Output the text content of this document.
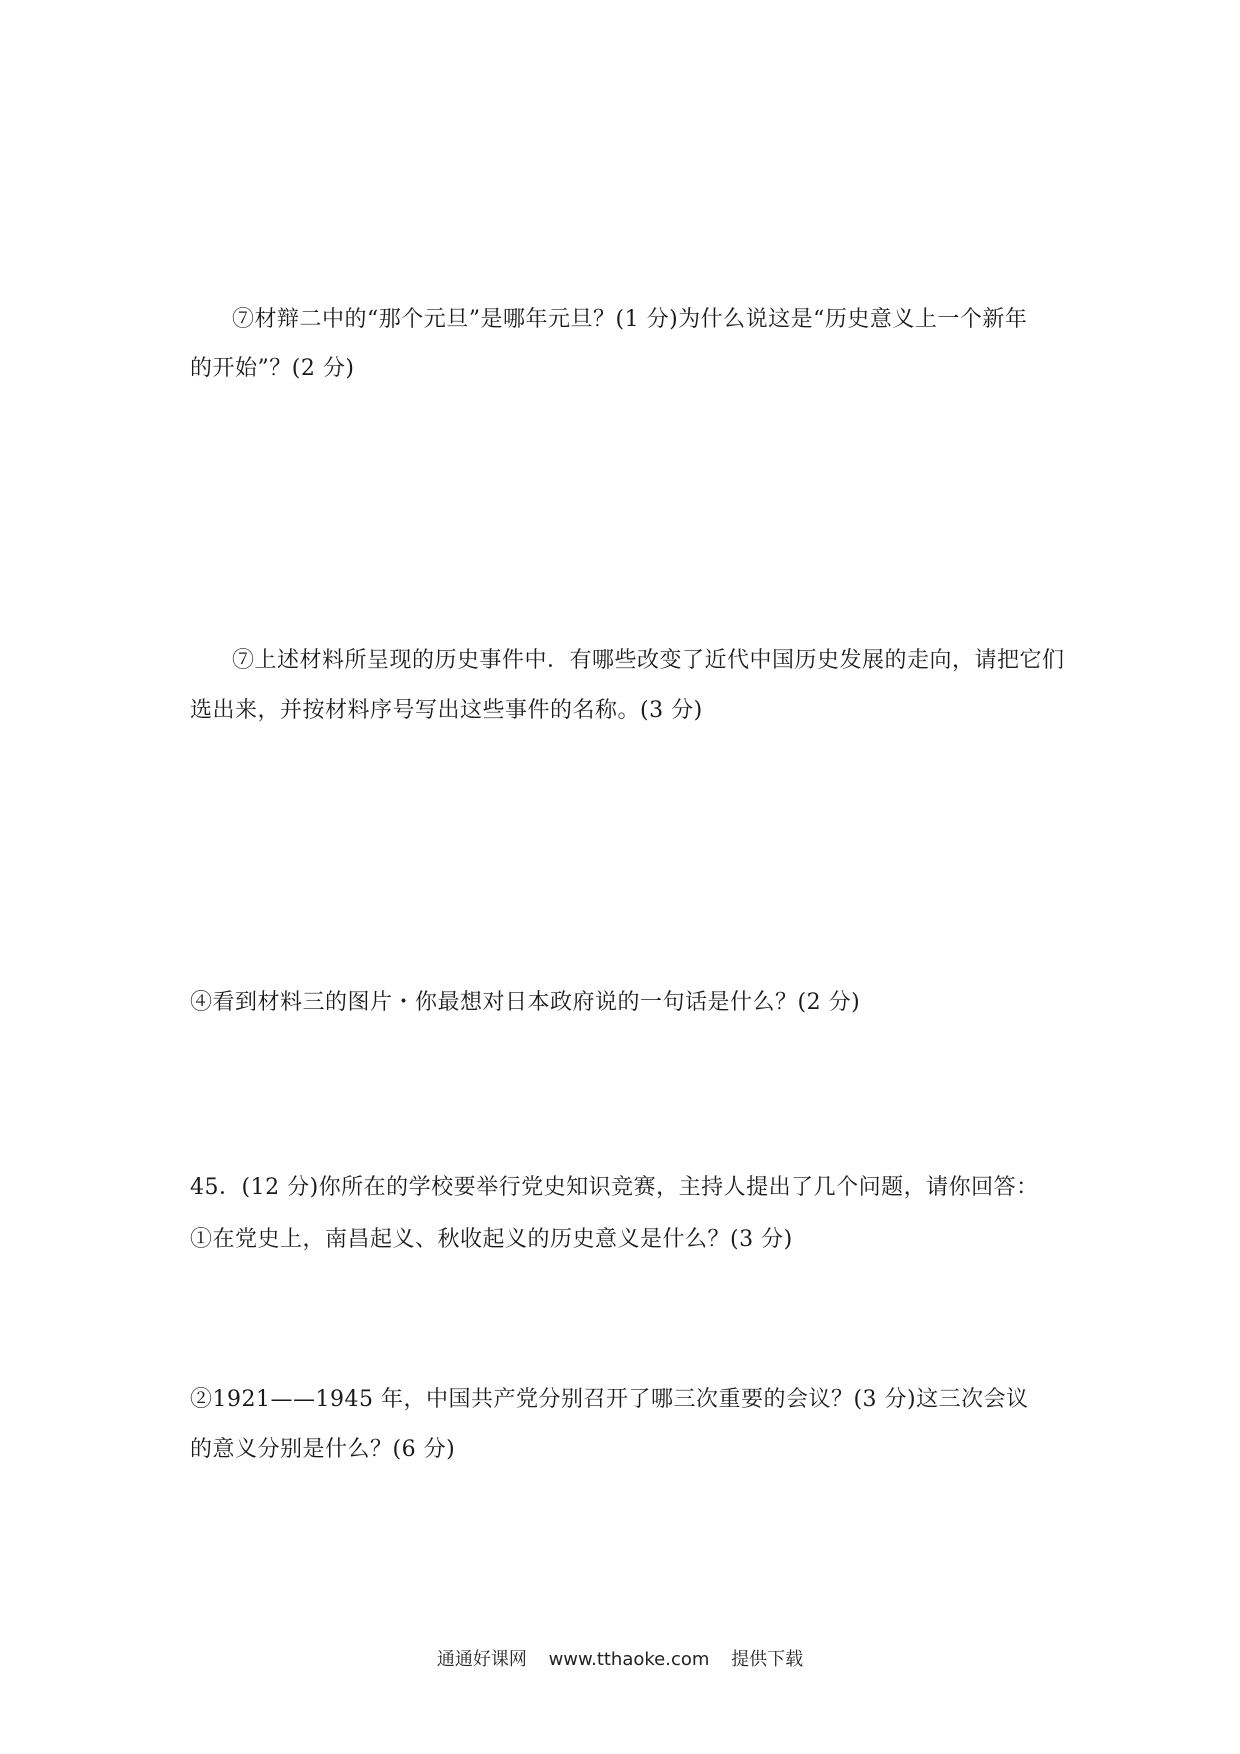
⑦材辩二中的“那个元旦”是哪年元旦？(1 分)为什么说这是“历史意义上一个新年
的开始”？(2 分)
⑦上述材料所呈现的历史事件中．有哪些改变了近代中国历史发展的走向，请把它们
选出来，并按材料序号写出这些事件的名称。(3 分)
④看到材料三的图片・你最想对日本政府说的一句话是什么？(2 分)
45．(12 分)你所在的学校要举行党史知识竞赛，主持人提出了几个问题，请你回答：
①在党史上，南昌起义、秋收起义的历史意义是什么？(3 分)
②1921——1945 年，中国共产党分别召开了哪三次重要的会议？(3 分)这三次会议
的意义分别是什么？(6 分)
通通好课网 www.tthaoke.com 提供下载
